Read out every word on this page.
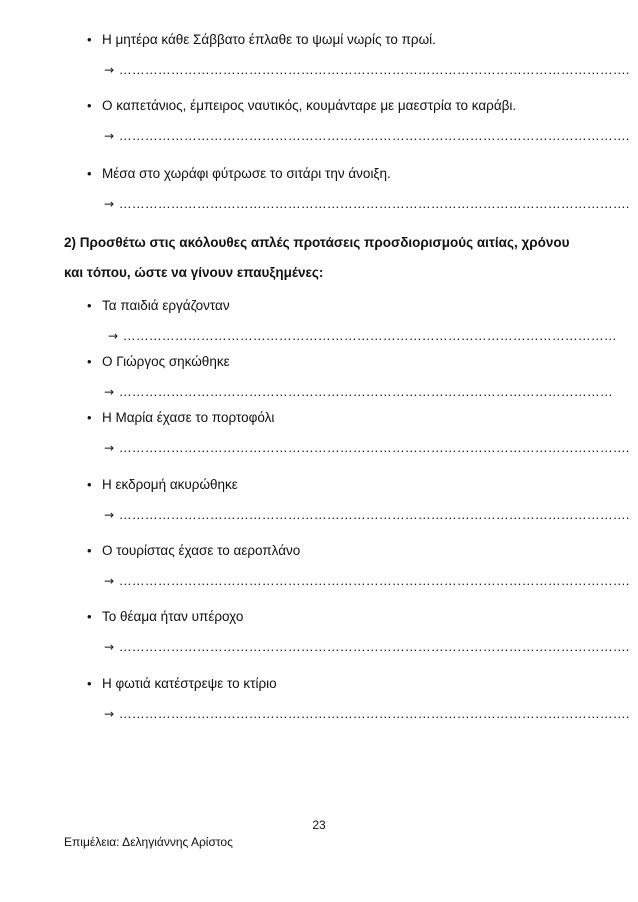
• Η μητέρα κάθε Σάββατο έπλαθε το ψωμί νωρίς το πρωί.
→ ……………………………………………………………………………………………………….
• Ο καπετάνιος, έμπειρος ναυτικός, κουμάνταρε με μαεστρία το καράβι.
→ ……………………………………………………………………………………………………….
• Μέσα στο χωράφι φύτρωσε το σιτάρι την άνοιξη.
→ ……………………………………………………………………………………………………….
2) Προσθέτω στις ακόλουθες απλές προτάσεις προσδιορισμούς αιτίας, χρόνου και τόπου, ώστε να γίνουν επαυξημένες:
• Τα παιδιά εργάζονταν
→ ……………………………………………………………………………………………………
• Ο Γιώργος σηκώθηκε
→ ……………………………………………………………………………………………………
• Η Μαρία έχασε το πορτοφόλι
→ ……………………………………………………………………………………………………….
• Η εκδρομή ακυρώθηκε
→ ……………………………………………………………………………………………………….
• Ο τουρίστας έχασε το αεροπλάνο
→ ……………………………………………………………………………………………………….
• Το θέαμα ήταν υπέροχο
→ ……………………………………………………………………………………………………….
• Η φωτιά κατέστρεψε το κτίριο
→ ……………………………………………………………………………………………………….
23
Επιμέλεια: Δεληγιάννης Αρίστος
